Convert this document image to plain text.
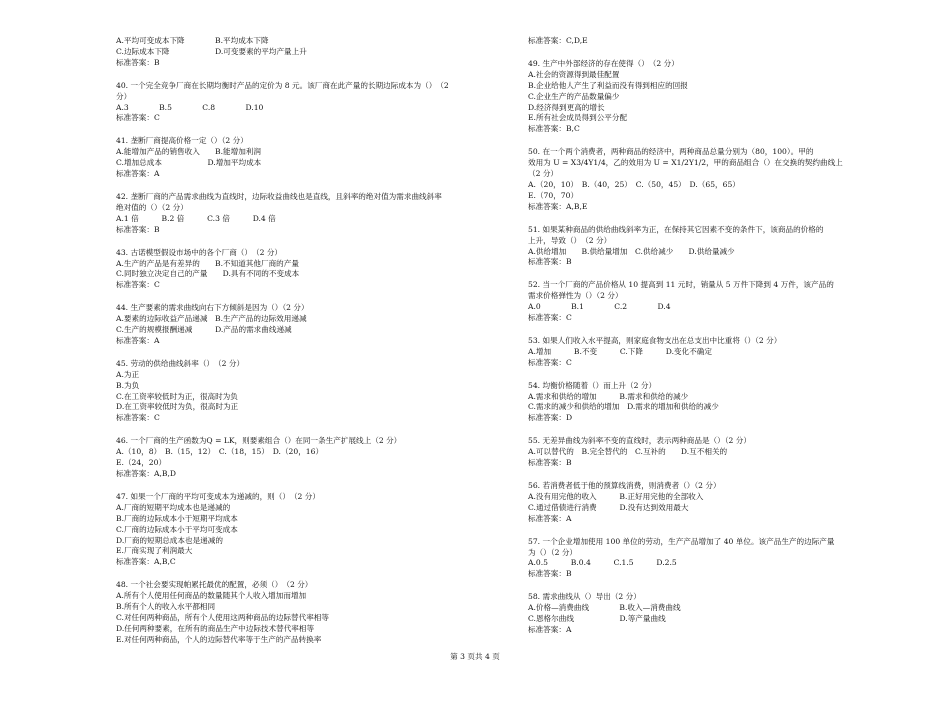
A.平均可变成本下降　　　　B.平均成本下降
C.边际成本下降　　　　　　D.可变要素的平均产量上升
标准答案：B
40. 一个完全竞争厂商在长期均衡时产品的定价为 8 元。该厂商在此产量的长期边际成本为（）　（2
分）
A.3　　　　B.5　　　　C.8　　　　D.10
标准答案：C
41. 垄断厂商提高价格一定（）（2 分）
A.能增加产品的销售收入　　B.能增加利润
C.增加总成本　　　　　　D.增加平均成本
标准答案：A
42. 垄断厂商的产品需求曲线为直线时，边际收益曲线也是直线，且斜率的绝对值为需求曲线斜率
绝对值的（）（2 分）
A.1 倍　　　B.2 倍　　　C.3 倍　　　D.4 倍
标准答案：B
43. 古诺模型假设市场中的各个厂商（）　（2 分）
A.生产的产品是有差异的　　B.不知道其他厂商的产量
C.同时独立决定自己的产量　　D.具有不同的不变成本
标准答案：C
44. 生产要素的需求曲线向右下方倾斜是因为（）（2 分）
A.要素的边际收益产品递减　B.生产产品的边际效用递减
C.生产的规模报酬递减　　　D.产品的需求曲线递减
标准答案：A
45. 劳动的供给曲线斜率（）　（2 分）
A.为正
B.为负
C.在工资率较低时为正，很高时为负
D.在工资率较低时为负，很高时为正
标准答案：C
46. 一个厂商的生产函数为Q = LK，则要素组合（）在同一条生产扩展线上（2 分）
A.（10，8）　B.（15，12）　C.（18，15）　D.（20，16）
E.（24，20）
标准答案：A,B,D
47. 如果一个厂商的平均可变成本为递减的，则（）　（2 分）
A.厂商的短期平均成本也是递减的
B.厂商的边际成本小于短期平均成本
C.厂商的边际成本小于平均可变成本
D.厂商的短期总成本也是递减的
E.厂商实现了利润最大
标准答案：A,B,C
48. 一个社会要实现帕累托最优的配置，必须（）　（2 分）
A.所有个人使用任何商品的数量随其个人收入增加而增加
B.所有个人的收入水平都相同
C.对任何两种商品，所有个人使用这两种商品的边际替代率相等
D.任何两种要素，在所有的商品生产中边际技术替代率相等
E.对任何两种商品，个人的边际替代率等于生产的产品转换率
标准答案：C,D,E
49. 生产中外部经济的存在使得（）　（2 分）
A.社会的资源得到最佳配置
B.企业给他人产生了利益而没有得到相应的回报
C.企业生产的产品数量偏少
D.经济得到更高的增长
E.所有社会成员得到公平分配
标准答案：B,C
50. 在一个两个消费者，两种商品的经济中，两种商品总量分别为（80，100）。甲的
效用为 U = X3/4Y1/4，乙的效用为 U = X1/2Y1/2，甲的商品组合（）在交换的契约曲线上
（2 分）
A.（20，10）　B.（40，25）　C.（50，45）　D.（65，65）
E.（70，70）
标准答案：A,B,E
51. 如果某种商品的供给曲线斜率为正，在保持其它因素不变的条件下，该商品的价格的
上升，导致（）　（2 分）
A.供给增加　　B.供给量增加　C.供给减少　　D.供给量减少
标准答案：B
52. 当一个厂商的产品价格从 10 提高到 11 元时，销量从 5 万件下降到 4 万件，该产品的
需求价格弹性为（）（2 分）
A.0　　　　B.1　　　　C.2　　　　D.4
标准答案：C
53. 如果人们收入水平提高，则家庭食物支出在总支出中比重将（）（2 分）
A.增加　　　B.不变　　　C.下降　　　D.变化不确定
标准答案：C
54. 均衡价格随着（）而上升（2 分）
A.需求和供给的增加　　　B.需求和供给的减少
C.需求的减少和供给的增加　D.需求的增加和供给的减少
标准答案：D
55. 无差异曲线为斜率不变的直线时，表示两种商品是（）（2 分）
A.可以替代的　B.完全替代的　C.互补的　　D.互不相关的
标准答案：B
56. 若消费者低于他的预算线消费，则消费者（）（2 分）
A.没有用完他的收入　　　B.正好用完他的全部收入
C.通过借债进行消费　　　D.没有达到效用最大
标准答案：A
57. 一个企业增加使用 100 单位的劳动，生产产品增加了 40 单位。该产品生产的边际产量
为（）（2 分）
A.0.5　　　B.0.4　　　C.1.5　　　D.2.5
标准答案：B
58. 需求曲线从（）导出（2 分）
A.价格—消费曲线　　　　B.收入—消费曲线
C.恩格尔曲线　　　　　　D.等产量曲线
标准答案：A
第 3 页共 4 页
